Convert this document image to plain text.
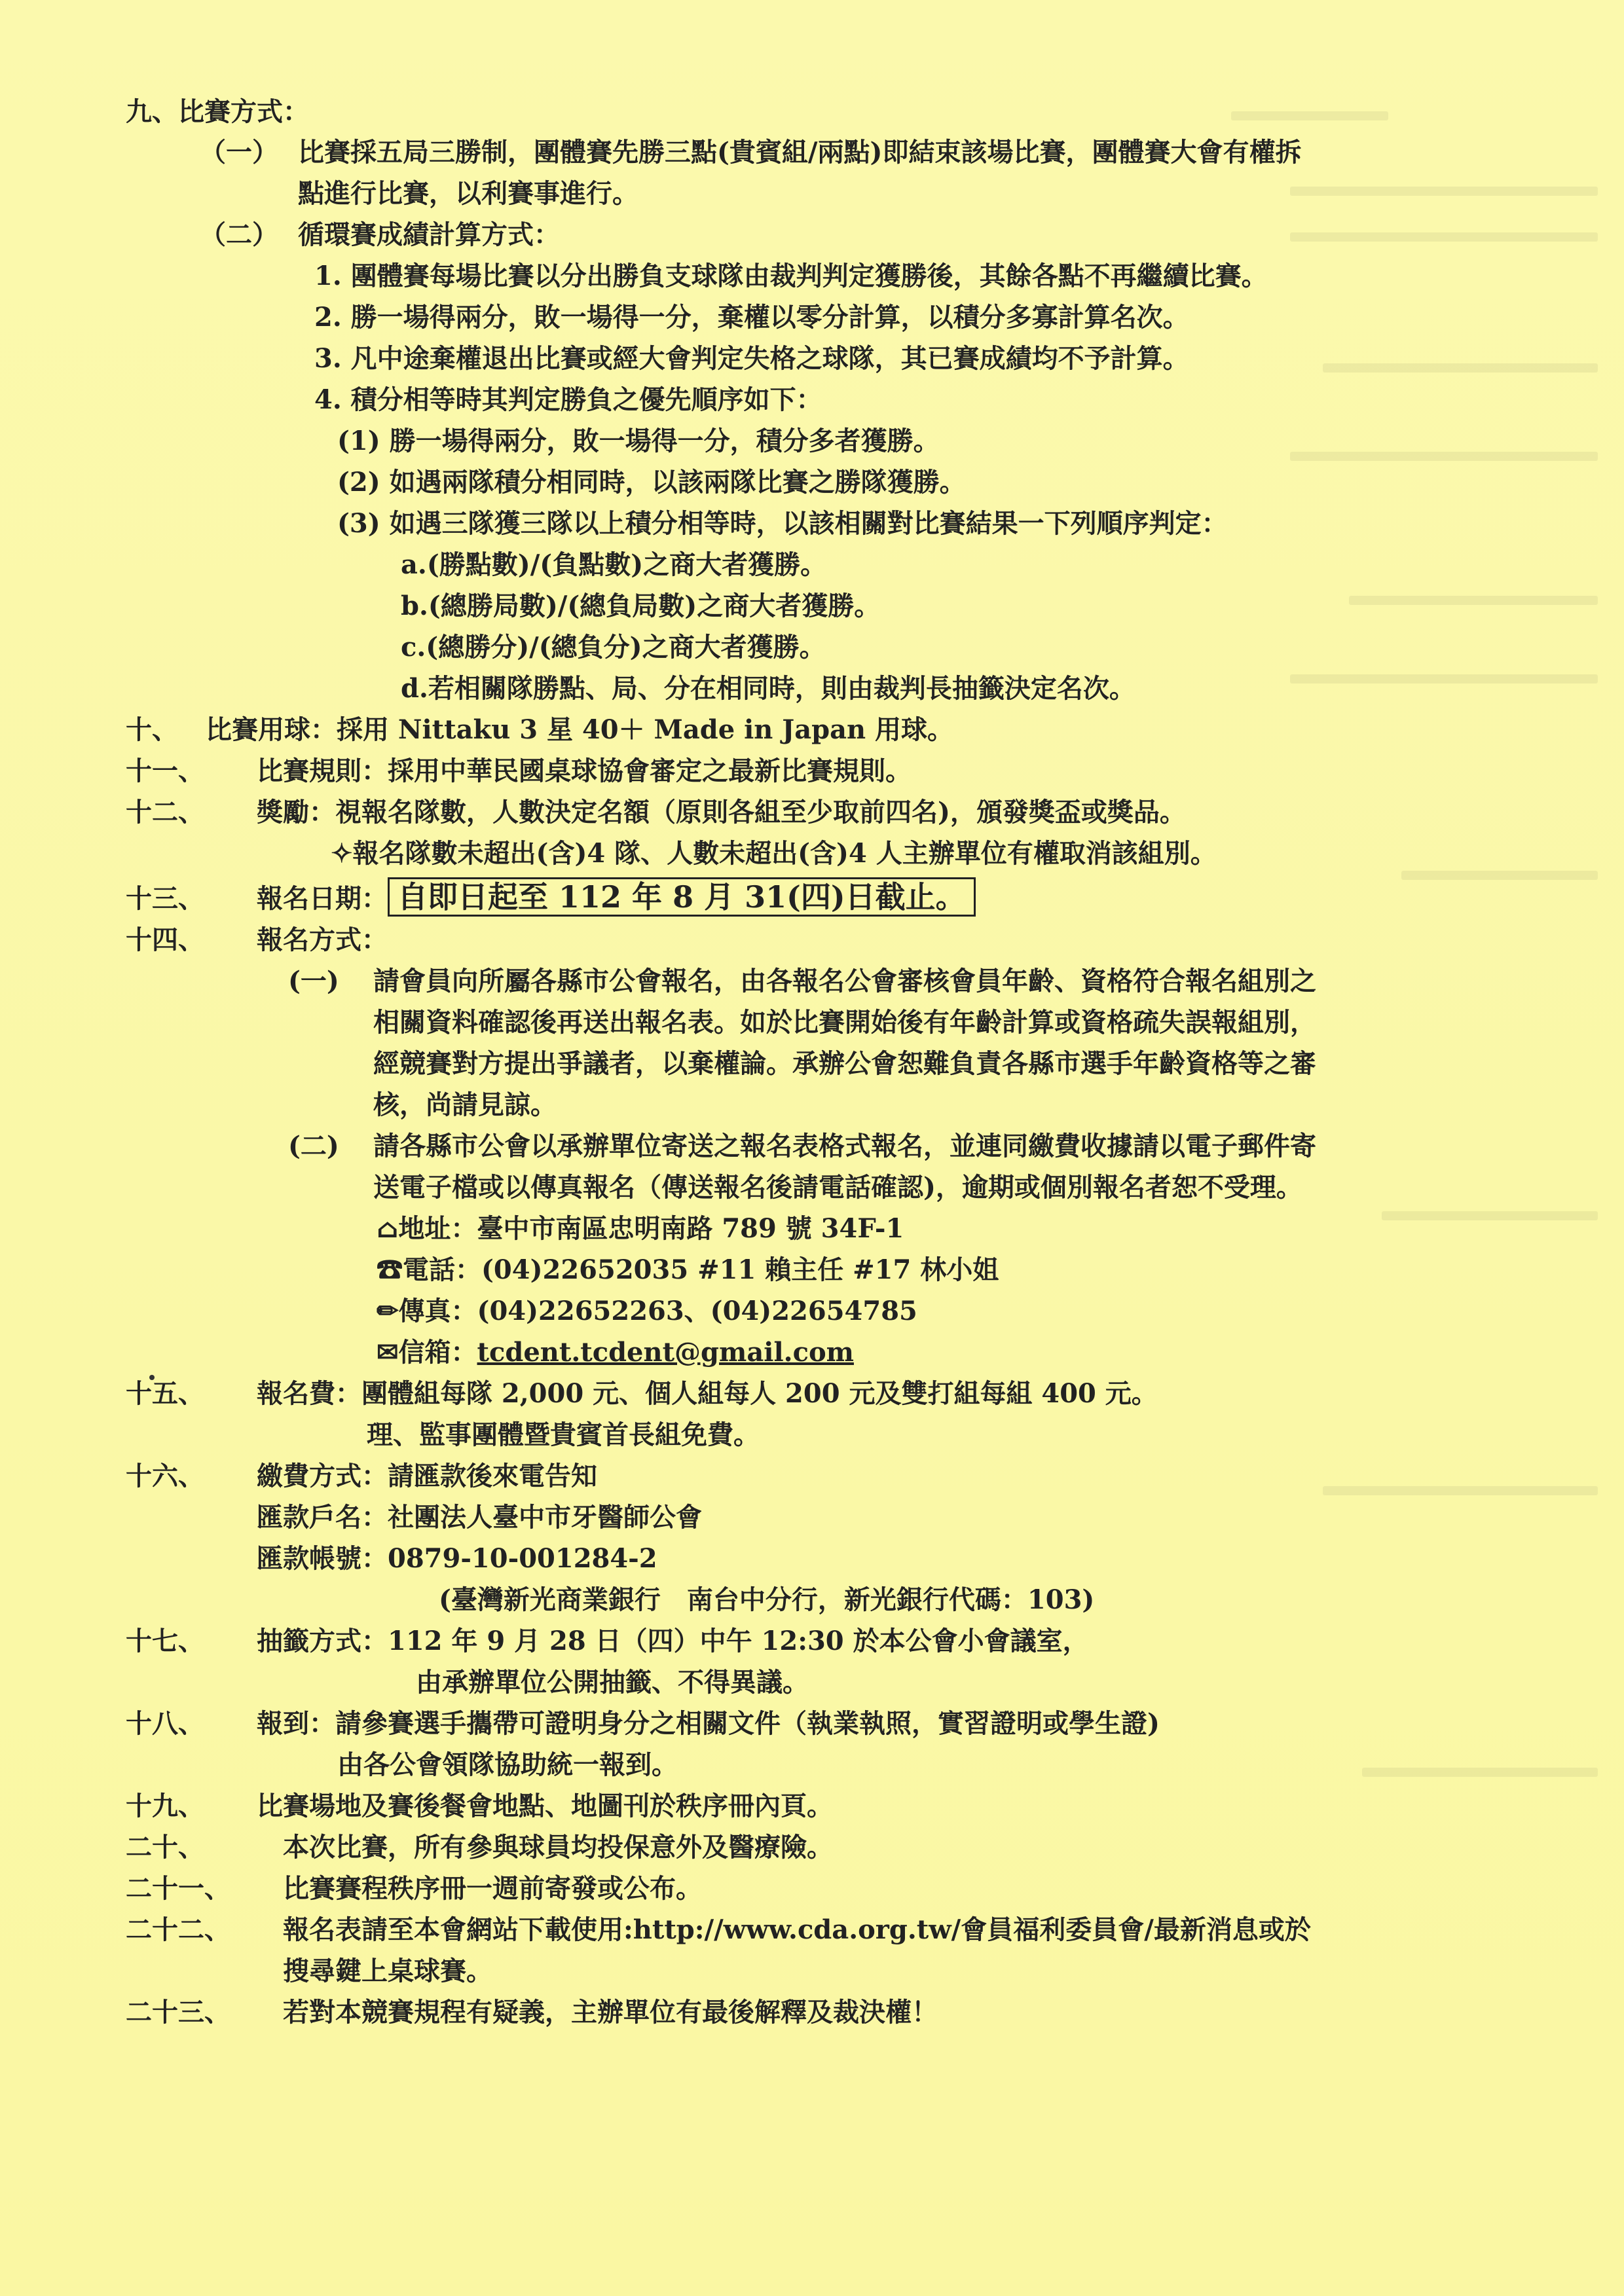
九、比賽方式：
（一） 比賽採五局三勝制，團體賽先勝三點(貴賓組/兩點)即結束該場比賽，團體賽大會有權拆
點進行比賽，以利賽事進行。
（二） 循環賽成績計算方式：
1. 團體賽每場比賽以分出勝負支球隊由裁判判定獲勝後，其餘各點不再繼續比賽。
2. 勝一場得兩分，敗一場得一分，棄權以零分計算，以積分多寡計算名次。
3. 凡中途棄權退出比賽或經大會判定失格之球隊，其已賽成績均不予計算。
4. 積分相等時其判定勝負之優先順序如下：
(1) 勝一場得兩分，敗一場得一分，積分多者獲勝。
(2) 如遇兩隊積分相同時，以該兩隊比賽之勝隊獲勝。
(3) 如遇三隊獲三隊以上積分相等時，以該相關對比賽結果一下列順序判定：
a.(勝點數)/(負點數)之商大者獲勝。
b.(總勝局數)/(總負局數)之商大者獲勝。
c.(總勝分)/(總負分)之商大者獲勝。
d.若相關隊勝點、局、分在相同時，則由裁判長抽籤決定名次。
十、 比賽用球：採用 Nittaku 3 星 40＋ Made in Japan 用球。
十一、 比賽規則：採用中華民國桌球協會審定之最新比賽規則。
十二、 獎勵：視報名隊數，人數決定名額（原則各組至少取前四名)，頒發獎盃或獎品。
✧報名隊數未超出(含)4 隊、人數未超出(含)4 人主辦單位有權取消該組別。
十三、 報名日期： 自即日起至 112 年 8 月 31(四)日截止。
十四、 報名方式：
(一) 請會員向所屬各縣市公會報名，由各報名公會審核會員年齡、資格符合報名組別之
相關資料確認後再送出報名表。如於比賽開始後有年齡計算或資格疏失誤報組別，
經競賽對方提出爭議者，以棄權論。承辦公會恕難負責各縣市選手年齡資格等之審
核，尚請見諒。
(二) 請各縣市公會以承辦單位寄送之報名表格式報名，並連同繳費收據請以電子郵件寄
送電子檔或以傳真報名（傳送報名後請電話確認)，逾期或個別報名者恕不受理。
⌂地址：臺中市南區忠明南路 789 號 34F-1
☎電話：(04)22652035 #11 賴主任 #17 林小姐
✏傳真：(04)22652263、(04)22654785
✉信箱：tcdent.tcdent@gmail.com
十五、 報名費：團體組每隊 2,000 元、個人組每人 200 元及雙打組每組 400 元。
理、監事團體暨貴賓首長組免費。
十六、 繳費方式：請匯款後來電告知
匯款戶名：社團法人臺中市牙醫師公會
匯款帳號：0879-10-001284-2
(臺灣新光商業銀行　南台中分行，新光銀行代碼：103)
十七、 抽籤方式：112 年 9 月 28 日（四）中午 12:30 於本公會小會議室，
由承辦單位公開抽籤、不得異議。
十八、 報到：請參賽選手攜帶可證明身分之相關文件（執業執照，實習證明或學生證)
由各公會領隊協助統一報到。
十九、 比賽場地及賽後餐會地點、地圖刊於秩序冊內頁。
二十、	本次比賽，所有參與球員均投保意外及醫療險。
二十一、 比賽賽程秩序冊一週前寄發或公布。
二十二、 報名表請至本會網站下載使用:http://www.cda.org.tw/會員福利委員會/最新消息或於
搜尋鍵上桌球賽。
二十三、 若對本競賽規程有疑義，主辦單位有最後解釋及裁決權！
